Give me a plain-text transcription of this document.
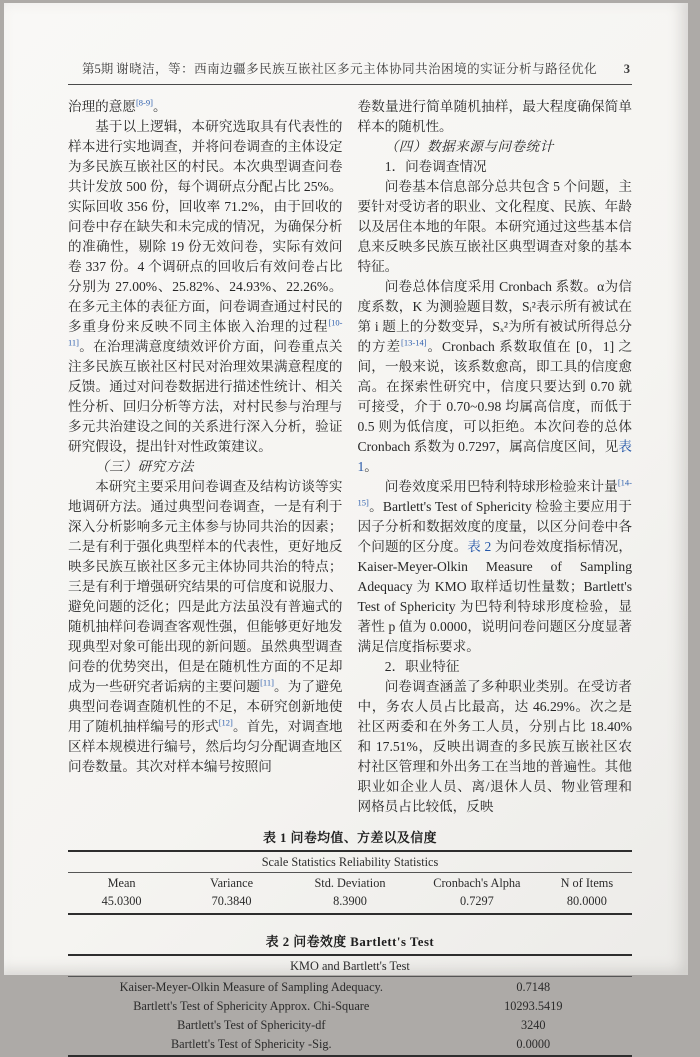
第5期 谢晓洁，等：西南边疆多民族互嵌社区多元主体协同共治困境的实证分析与路径优化	3
治理的意愿[8-9]。
基于以上逻辑，本研究选取具有代表性的样本进行实地调查，并将问卷调查的主体设定为多民族互嵌社区的村民。本次典型调查问卷共计发放 500 份，每个调研点分配占比 25%。实际回收 356 份，回收率 71.2%，由于回收的问卷中存在缺失和未完成的情况，为确保分析的准确性，剔除 19 份无效问卷，实际有效问卷 337 份。4 个调研点的回收后有效问卷占比分别为 27.00%、25.82%、24.93%、22.26%。在多元主体的表征方面，问卷调查通过村民的多重身份来反映不同主体嵌入治理的过程[10-11]。在治理满意度绩效评价方面，问卷重点关注多民族互嵌社区村民对治理效果满意程度的反馈。通过对问卷数据进行描述性统计、相关性分析、回归分析等方法，对村民参与治理与多元共治建设之间的关系进行深入分析，验证研究假设，提出针对性政策建议。
（三）研究方法
本研究主要采用问卷调查及结构访谈等实地调研方法。通过典型问卷调查，一是有利于深入分析影响多元主体参与协同共治的因素；二是有利于强化典型样本的代表性，更好地反映多民族互嵌社区多元主体协同共治的特点；三是有利于增强研究结果的可信度和说服力、避免问题的泛化；四是此方法虽没有普遍式的随机抽样问卷调查客观性强，但能够更好地发现典型对象可能出现的新问题。虽然典型调查问卷的优势突出，但是在随机性方面的不足却成为一些研究者诟病的主要问题[11]。为了避免典型问卷调查随机性的不足，本研究创新地使用了随机抽样编号的形式[12]。首先，对调查地区样本规模进行编号，然后均匀分配调查地区问卷数量。其次对样本编号按照问
卷数量进行简单随机抽样，最大程度确保简单样本的随机性。
（四）数据来源与问卷统计
1．问卷调查情况
问卷基本信息部分总共包含 5 个问题，主要针对受访者的职业、文化程度、民族、年龄以及居住本地的年限。本研究通过这些基本信息来反映多民族互嵌社区典型调查对象的基本特征。
问卷总体信度采用 Cronbach 系数。α为信度系数，K 为测验题目数，Sᵢ²表示所有被试在第 i 题上的分数变异，Sₓ²为所有被试所得总分的方差[13-14]。Cronbach 系数取值在 [0，1] 之间，一般来说，该系数愈高，即工具的信度愈高。在探索性研究中，信度只要达到 0.70 就可接受，介于 0.70~0.98 均属高信度，而低于 0.5 则为低信度，可以拒绝。本次问卷的总体 Cronbach 系数为 0.7297，属高信度区间，见表 1。
问卷效度采用巴特利特球形检验来计量[14-15]。Bartlett's Test of Sphericity 检验主要应用于因子分析和数据效度的度量，以区分问卷中各个问题的区分度。表 2 为问卷效度指标情况，Kaiser-Meyer-Olkin Measure of Sampling Adequacy 为 KMO 取样适切性量数；Bartlett's Test of Sphericity 为巴特利特球形度检验，显著性 p 值为 0.0000，说明问卷问题区分度显著满足信度指标要求。
2．职业特征
问卷调查涵盖了多种职业类别。在受访者中，务农人员占比最高，达 46.29%。次之是社区两委和在外务工人员，分别占比 18.40% 和 17.51%，反映出调查的多民族互嵌社区农村社区管理和外出务工在当地的普遍性。其他职业如企业人员、离/退休人员、物业管理和网格员占比较低，反映
表 1 问卷均值、方差以及信度
Scale Statistics Reliability Statistics
Mean	Variance	Std. Deviation	Cronbach's Alpha	N of Items
45.0300	70.3840	8.3900	0.7297	80.0000
表 2 问卷效度 Bartlett's Test
KMO and Bartlett's Test
Kaiser-Meyer-Olkin Measure of Sampling Adequacy.	0.7148
Bartlett's Test of Sphericity Approx. Chi-Square	10293.5419
Bartlett's Test of Sphericity-df	3240
Bartlett's Test of Sphericity -Sig.	0.0000
